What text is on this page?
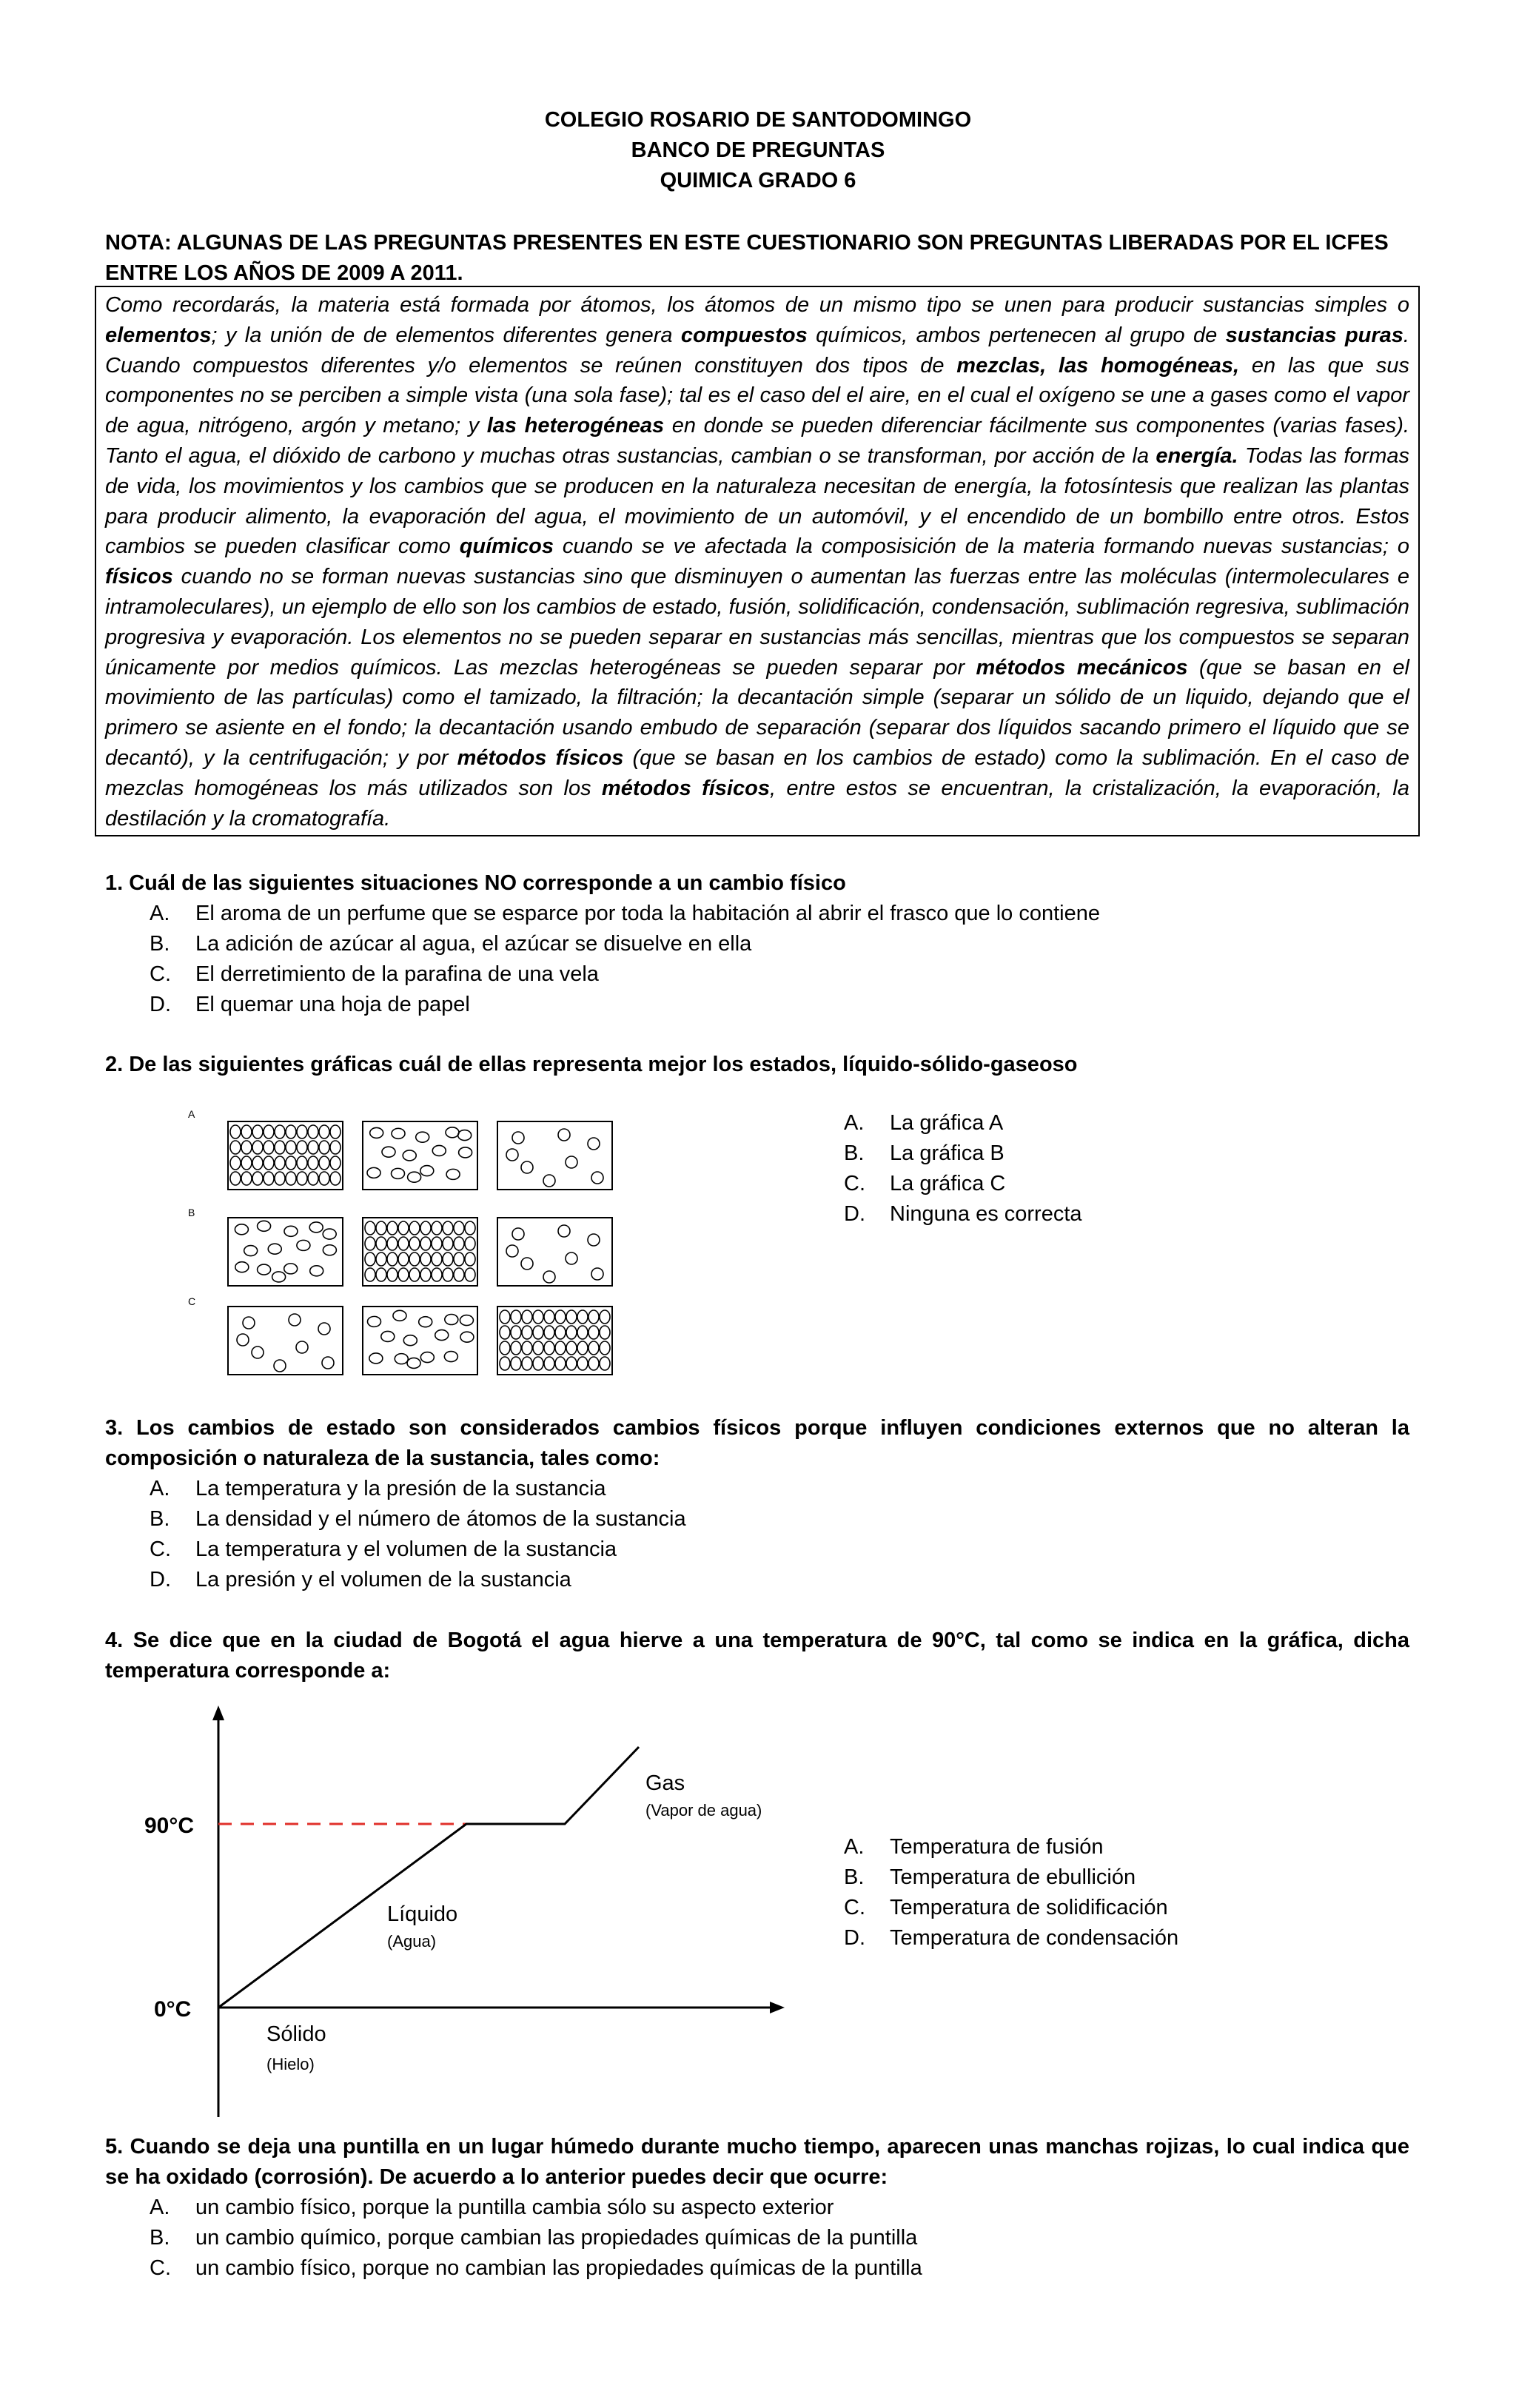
COLEGIO ROSARIO DE SANTODOMINGO
BANCO DE PREGUNTAS
QUIMICA GRADO 6
NOTA: ALGUNAS DE LAS PREGUNTAS PRESENTES EN ESTE CUESTIONARIO SON PREGUNTAS LIBERADAS POR EL ICFES ENTRE LOS AÑOS DE 2009 A 2011.
Como recordarás, la materia está formada por átomos, los átomos de un mismo tipo se unen para producir sustancias simples o elementos; y la unión de de elementos diferentes genera compuestos químicos, ambos pertenecen al grupo de sustancias puras. Cuando compuestos diferentes y/o elementos se reúnen constituyen dos tipos de mezclas, las homogéneas, en las que sus componentes no se perciben a simple vista (una sola fase); tal es el caso del el aire, en el cual el oxígeno se une a gases como el vapor de agua, nitrógeno, argón y metano; y las heterogéneas en donde se pueden diferenciar fácilmente sus componentes (varias fases). Tanto el agua, el dióxido de carbono y muchas otras sustancias, cambian o se transforman, por acción de la energía. Todas las formas de vida, los movimientos y los cambios que se producen en la naturaleza necesitan de energía, la fotosíntesis que realizan las plantas para producir alimento, la evaporación del agua, el movimiento de un automóvil, y el encendido de un bombillo entre otros. Estos cambios se pueden clasificar como químicos cuando se ve afectada la composisición de la materia formando nuevas sustancias; o físicos cuando no se forman nuevas sustancias sino que disminuyen o aumentan las fuerzas entre las moléculas (intermoleculares e intramoleculares), un ejemplo de ello son los cambios de estado, fusión, solidificación, condensación, sublimación regresiva, sublimación progresiva y evaporación. Los elementos no se pueden separar en sustancias más sencillas, mientras que los compuestos se separan únicamente por medios químicos. Las mezclas heterogéneas se pueden separar por métodos mecánicos (que se basan en el movimiento de las partículas) como el tamizado, la filtración; la decantación simple (separar un sólido de un liquido, dejando que el primero se asiente en el fondo; la decantación usando embudo de separación (separar dos líquidos sacando primero el líquido que se decantó), y la centrifugación; y por métodos físicos (que se basan en los cambios de estado) como la sublimación. En el caso de mezclas homogéneas los más utilizados son los métodos físicos, entre estos se encuentran, la cristalización, la evaporación, la destilación y la cromatografía.
1. Cuál de las siguientes situaciones NO corresponde a un cambio físico
A. El aroma de un perfume que se esparce por toda la habitación al abrir el frasco que lo contiene
B. La adición de azúcar al agua, el azúcar se disuelve en ella
C. El derretimiento de la parafina de una vela
D. El quemar una hoja de papel
2. De las siguientes gráficas cuál de ellas representa mejor los estados, líquido-sólido-gaseoso
A
B
C
A. La gráfica A
B. La gráfica B
C. La gráfica C
D. Ninguna es correcta
3. Los cambios de estado son considerados cambios físicos porque influyen condiciones externos que no alteran la composición o naturaleza de la sustancia, tales como:
A. La temperatura y la presión de la sustancia
B. La densidad y el número de átomos de la sustancia
C. La temperatura y el volumen de la sustancia
D. La presión y el volumen de la sustancia
4. Se dice que en la ciudad de Bogotá el agua hierve a una temperatura de 90°C, tal como se indica en la gráfica, dicha temperatura corresponde a:
90°C
0°C
Gas
(Vapor de agua)
Líquido
(Agua)
Sólido
(Hielo)
A. Temperatura de fusión
B. Temperatura de ebullición
C. Temperatura de solidificación
D. Temperatura de condensación
5. Cuando se deja una puntilla en un lugar húmedo durante mucho tiempo, aparecen unas manchas rojizas, lo cual indica que se ha oxidado (corrosión). De acuerdo a lo anterior puedes decir que ocurre:
A. un cambio físico, porque la puntilla cambia sólo su aspecto exterior
B. un cambio químico, porque cambian las propiedades químicas de la puntilla
C. un cambio físico, porque no cambian las propiedades químicas de la puntilla
